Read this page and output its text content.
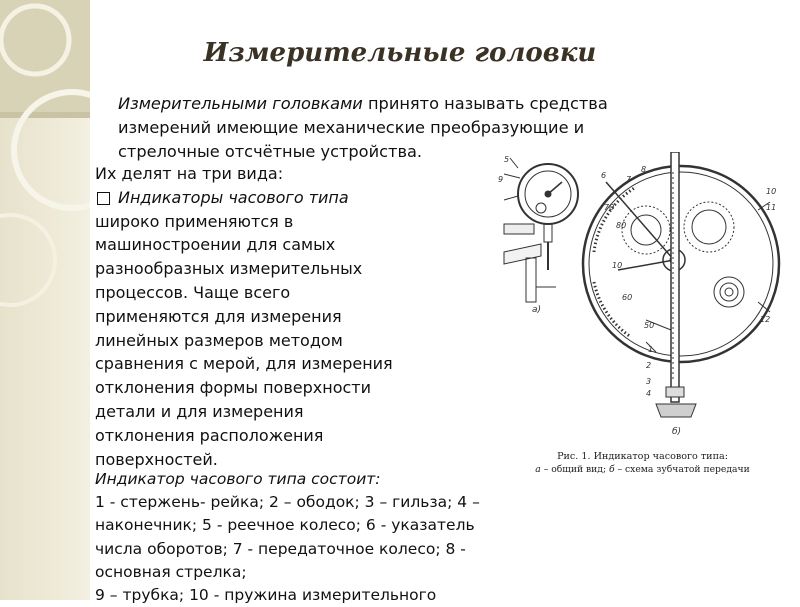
Измерительные головки
Измерительными головками принято называть средства
измерений имеющие механические преобразующие и
стрелочные отсчётные устройства.

Их делят на три вида:

Индикаторы часового типа

широко применяются в

машиностроении для самых

разнообразных измерительных

процессов. Чаще всего

применяются для измерения

линейных размеров методом

сравнения с мерой, для измерения

отклонения формы поверхности

детали и для измерения

отклонения расположения

поверхностей.

Индикатор часового типа состоит:

1 - стержень- рейка; 2 – ободок; 3 – гильза; 4 –

наконечник; 5 - реечное колесо; 6 - указатель

числа оборотов; 7 - передаточное колесо; 8 -

основная стрелка;

9 – трубка; 10 - пружина измерительного

70
80
10
60
50
10
11
12
6 7
8
1
2
3
4
5
9
а)
б)
Рис. 1. Индикатор часового типа:
а – общий вид; б – схема зубчатой передачи
